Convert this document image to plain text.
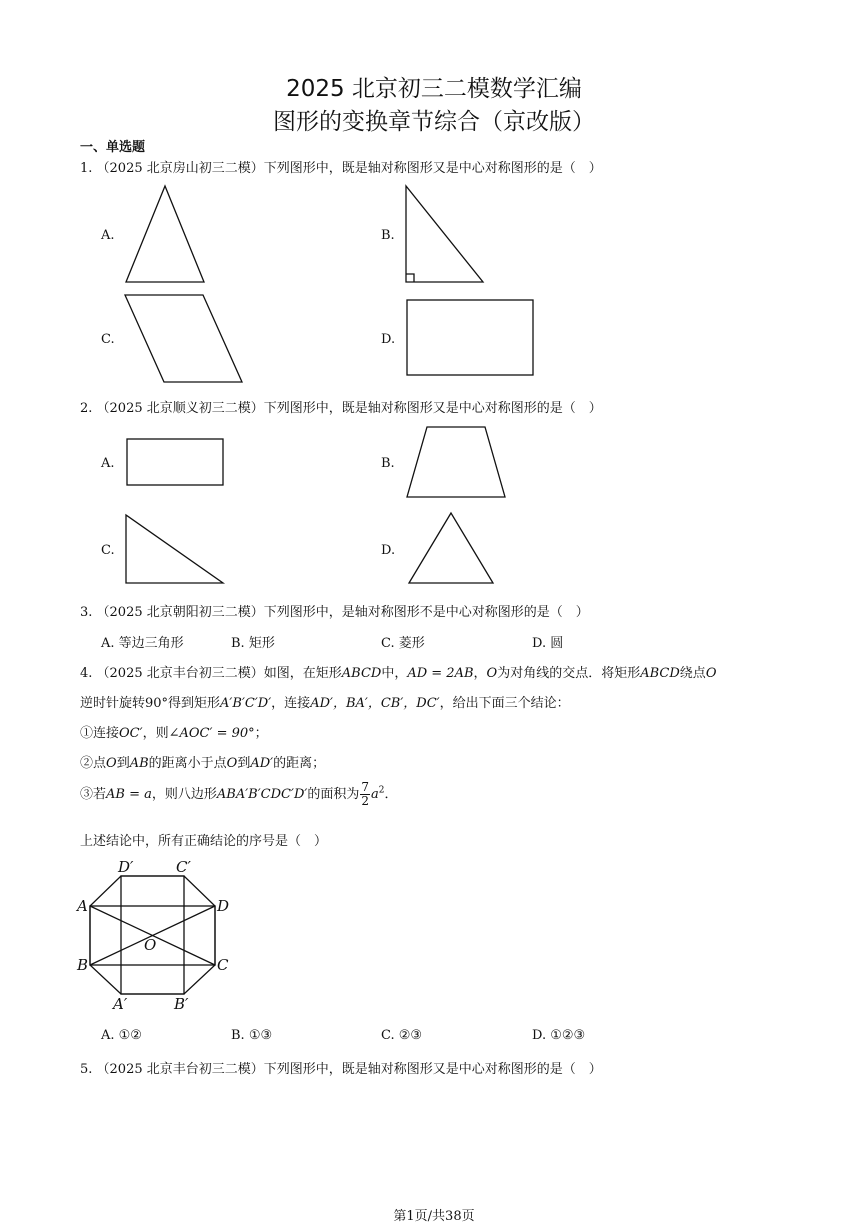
2025 北京初三二模数学汇编
图形的变换章节综合（京改版）
一、单选题
1. （2025 北京房山初三二模）下列图形中，既是轴对称图形又是中心对称图形的是（　）
A.	B.
C.	D.
D′	C′
A	D
O
B	C
A′	B′
2. （2025 北京顺义初三二模）下列图形中，既是轴对称图形又是中心对称图形的是（　）
A.	B.
C.	D.
3. （2025 北京朝阳初三二模）下列图形中，是轴对称图形不是中心对称图形的是（　）
A. 等边三角形	B. 矩形	C. 菱形	D. 圆
4. （2025 北京丰台初三二模）如图，在矩形ABCD中，AD = 2AB，O为对角线的交点．将矩形ABCD绕点O
逆时针旋转90°得到矩形A′B′C′D′，连接AD′，BA′，CB′，DC′，给出下面三个结论：
①连接OC′，则∠AOC′ = 90°；
②点O到AB的距离小于点O到AD′的距离；
③若AB = a，则八边形ABA′B′CDC′D′的面积为 $\frac{7}{2} a^2$．
上述结论中，所有正确结论的序号是（　）
A. ①②	B. ①③	C. ②③	D. ①②③
5. （2025 北京丰台初三二模）下列图形中，既是轴对称图形又是中心对称图形的是（　）
第1页/共38页
